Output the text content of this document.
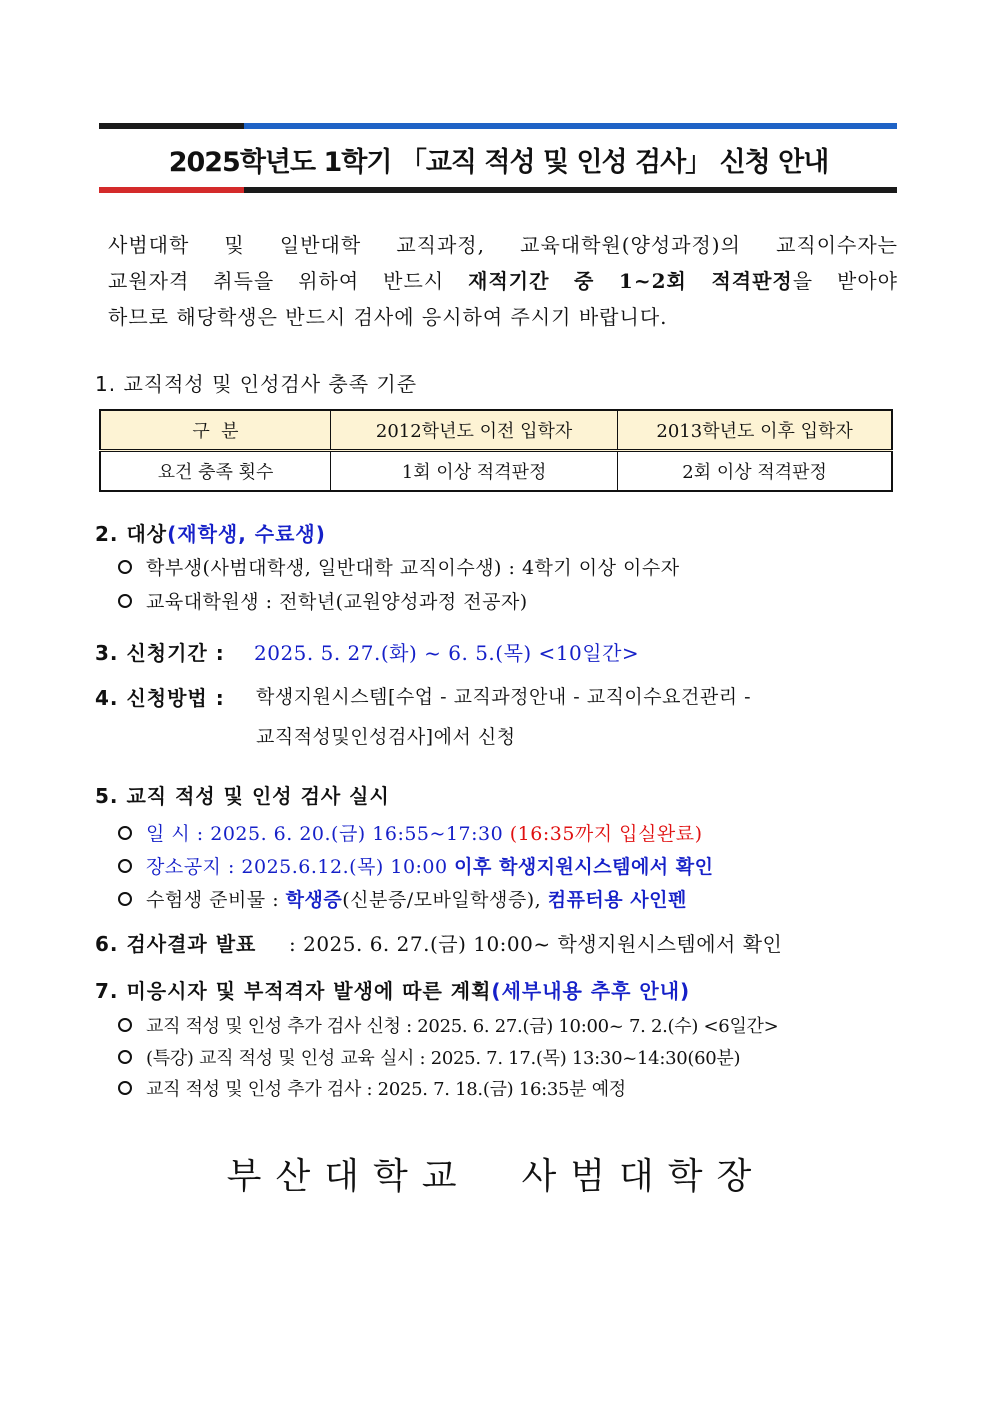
2025학년도 1학기 「교직 적성 및 인성 검사」 신청 안내
사범대학 및 일반대학 교직과정, 교육대학원(양성과정)의 교직이수자는
교원자격 취득을 위하여 반드시 재적기간 중 1~2회 적격판정을 받아야
하므로 해당학생은 반드시 검사에 응시하여 주시기 바랍니다.
1. 교직적성 및 인성검사 충족 기준
구  분	2012학년도 이전 입학자	2013학년도 이후 입학자
요건 충족 횟수	1회 이상 적격판정	2회 이상 적격판정
2. 대상(재학생, 수료생)
학부생(사범대학생, 일반대학 교직이수생) : 4학기 이상 이수자
교육대학원생 : 전학년(교원양성과정 전공자)
3. 신청기간 : 2025. 5. 27.(화) ~ 6. 5.(목) <10일간>
4. 신청방법 : 학생지원시스템[수업 - 교직과정안내 - 교직이수요건관리 -
교직적성및인성검사]에서 신청
5. 교직 적성 및 인성 검사 실시
일 시 : 2025. 6. 20.(금) 16:55~17:30 (16:35까지 입실완료)
장소공지 : 2025.6.12.(목) 10:00 이후 학생지원시스템에서 확인
수험생 준비물 : 학생증(신분증/모바일학생증), 컴퓨터용 사인펜
6. 검사결과 발표 : 2025. 6. 27.(금) 10:00~ 학생지원시스템에서 확인
7. 미응시자 및 부적격자 발생에 따른 계획(세부내용 추후 안내)
교직 적성 및 인성 추가 검사 신청 : 2025. 6. 27.(금) 10:00~ 7. 2.(수) <6일간>
(특강) 교직 적성 및 인성 교육 실시 : 2025. 7. 17.(목) 13:30~14:30(60분)
교직 적성 및 인성 추가 검사 : 2025. 7. 18.(금) 16:35분 예정
부산대학교  사범대학장
